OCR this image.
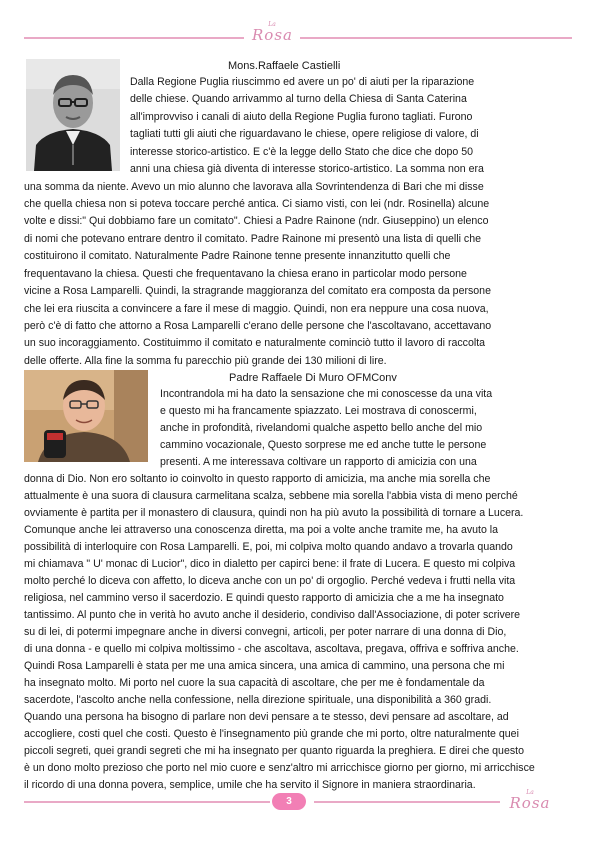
La
Rosa
Mons.Raffaele Castielli
Dalla Regione Puglia riuscimmo ed avere un po' di aiuti per la riparazione
delle chiese. Quando arrivammo al turno della Chiesa di Santa Caterina
all'improvviso i canali di aiuto della Regione Puglia furono tagliati. Furono
tagliati tutti gli aiuti che riguardavano le chiese, opere religiose di valore, di
interesse storico-artistico. E c'è la legge dello Stato che dice che dopo 50
anni una chiesa già diventa di interesse storico-artistico. La somma non era
una somma da niente. Avevo un mio alunno che lavorava alla Sovrintendenza di Bari che mi disse
che quella chiesa non si poteva toccare perché antica. Ci siamo visti, con lei (ndr. Rosinella) alcune
volte e dissi:" Qui dobbiamo fare un comitato". Chiesi a Padre Rainone (ndr. Giuseppino) un elenco
di nomi che potevano entrare dentro il comitato. Padre Rainone mi presentò una lista di quelli che
costituirono il comitato. Naturalmente Padre Rainone tenne presente innanzitutto quelli che
frequentavano la chiesa. Questi che frequentavano la chiesa erano in particolar modo persone
vicine a Rosa Lamparelli. Quindi, la stragrande maggioranza del comitato era composta da persone
che lei era riuscita a convincere a fare il mese di maggio. Quindi, non era neppure una cosa nuova,
però c'è di fatto che attorno a Rosa Lamparelli c'erano delle persone che l'ascoltavano, accettavano
un suo incoraggiamento. Costituimmo il comitato e naturalmente cominciò tutto il lavoro di raccolta
delle offerte. Alla fine la somma fu parecchio più grande dei 130 milioni di lire.
Padre Raffaele Di Muro OFMConv
Incontrandola mi ha dato la sensazione che mi conoscesse da una vita
e questo mi ha francamente spiazzato. Lei mostrava di conoscermi,
anche in profondità, rivelandomi qualche aspetto bello anche del mio
cammino vocazionale, Questo sorprese me ed anche tutte le persone
presenti. A me interessava coltivare un rapporto di amicizia con una
donna di Dio. Non ero soltanto io coinvolto in questo rapporto di amicizia, ma anche mia sorella che
attualmente è una suora di clausura carmelitana scalza, sebbene mia sorella l'abbia vista di meno perché
ovviamente è partita per il monastero di clausura, quindi non ha più avuto la possibilità di tornare a Lucera.
Comunque anche lei attraverso una conoscenza diretta, ma poi a volte anche tramite me, ha avuto la
possibilità di interloquire con Rosa Lamparelli. E, poi, mi colpiva molto quando andavo a trovarla quando
mi chiamava " U' monac di Lucior", dico in dialetto per capirci bene: il frate di Lucera. E questo mi colpiva
molto perché lo diceva con affetto, lo diceva anche con un po' di orgoglio. Perché vedeva i frutti nella vita
religiosa, nel cammino verso il sacerdozio. E quindi questo rapporto di amicizia che a me ha insegnato
tantissimo. Al punto che in verità ho avuto anche il desiderio, condiviso dall'Associazione, di poter scrivere
su di lei, di potermi impegnare anche in diversi convegni, articoli, per poter narrare di una donna di Dio,
di una donna - e quello mi colpiva moltissimo - che ascoltava, ascoltava, pregava, offriva e soffriva anche.
Quindi Rosa Lamparelli è stata per me una amica sincera, una amica di cammino, una persona che mi
ha insegnato molto. Mi porto nel cuore la sua capacità di ascoltare, che per me è fondamentale da
sacerdote, l'ascolto anche nella confessione, nella direzione spirituale, una disponibilità a 360 gradi.
Quando una persona ha bisogno di parlare non devi pensare a te stesso, devi pensare ad ascoltare, ad
accogliere, costi quel che costi. Questo è l'insegnamento più grande che mi porto, oltre naturalmente quei
piccoli segreti, quei grandi segreti che mi ha insegnato per quanto riguarda la preghiera. E direi che questo
è un dono molto prezioso che porto nel mio cuore e senz'altro mi arricchisce giorno per giorno, mi arricchisce
il ricordo di una donna povera, semplice, umile che ha servito il Signore in maniera straordinaria.
3
La
Rosa
